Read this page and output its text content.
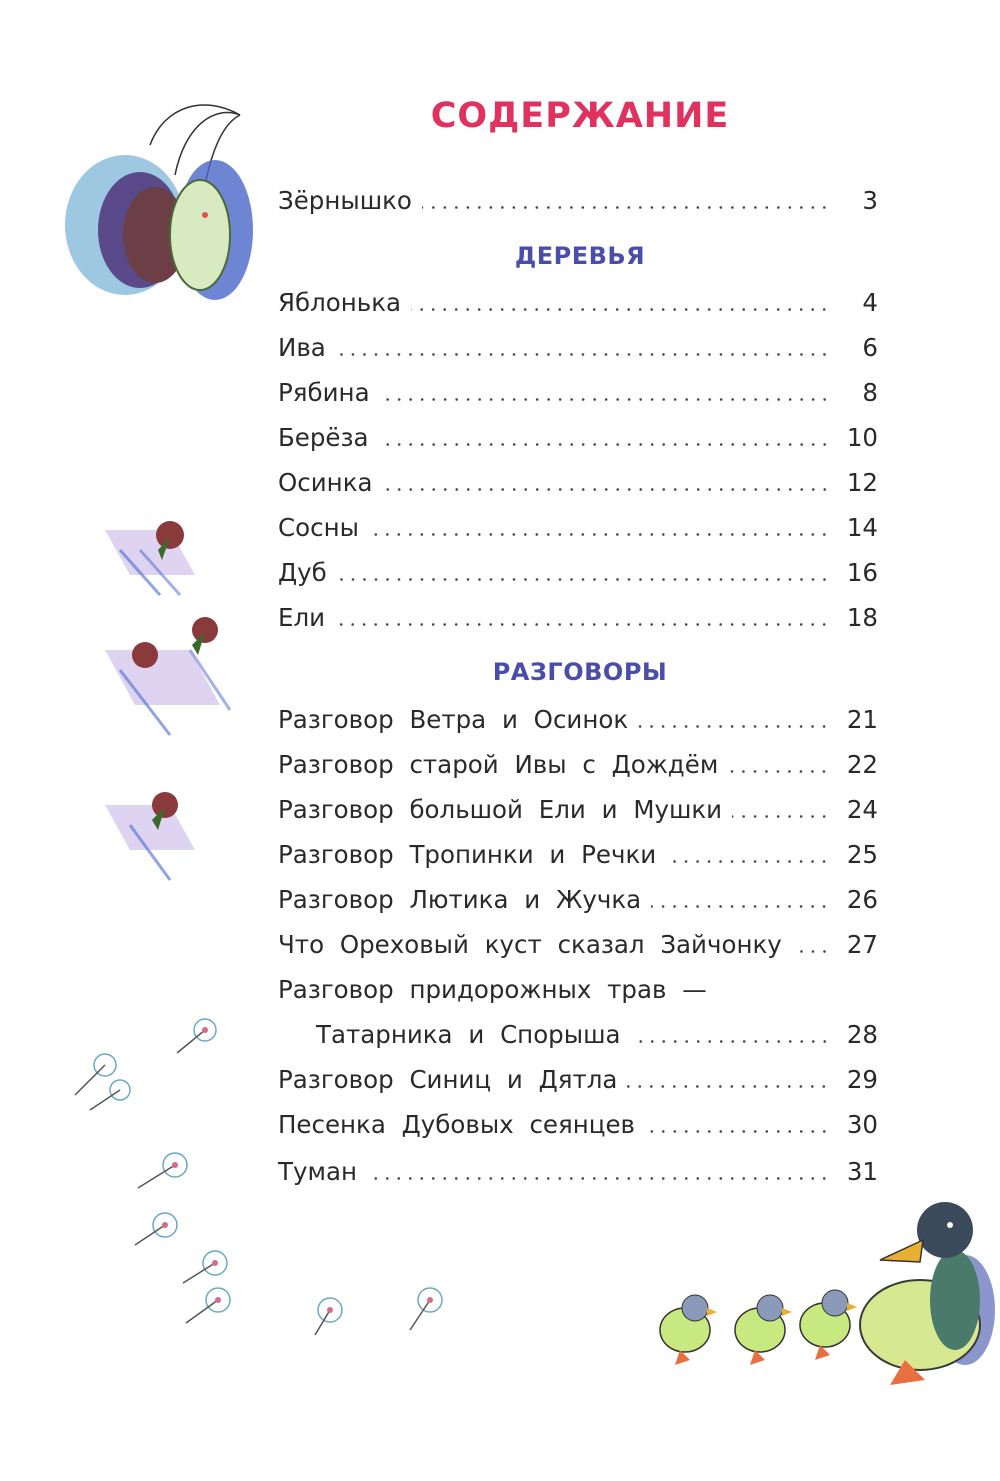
СОДЕРЖАНИЕ
Зёрнышко	3
ДЕРЕВЬЯ
Яблонька	4
Ива	6
Рябина	8
Берёза	10
Осинка	12
Сосны	14
Дуб	16
Ели	18
РАЗГОВОРЫ
Разговор Ветра и Осинок	21
Разговор старой Ивы с Дождём	22
Разговор большой Ели и Мушки	24
Разговор Тропинки и Речки	25
Разговор Лютика и Жучка	26
Что Ореховый куст сказал Зайчонку	27
Разговор придорожных трав —
Татарника и Спорыша	28
Разговор Синиц и Дятла	29
Песенка Дубовых сеянцев	30
Туман	31
